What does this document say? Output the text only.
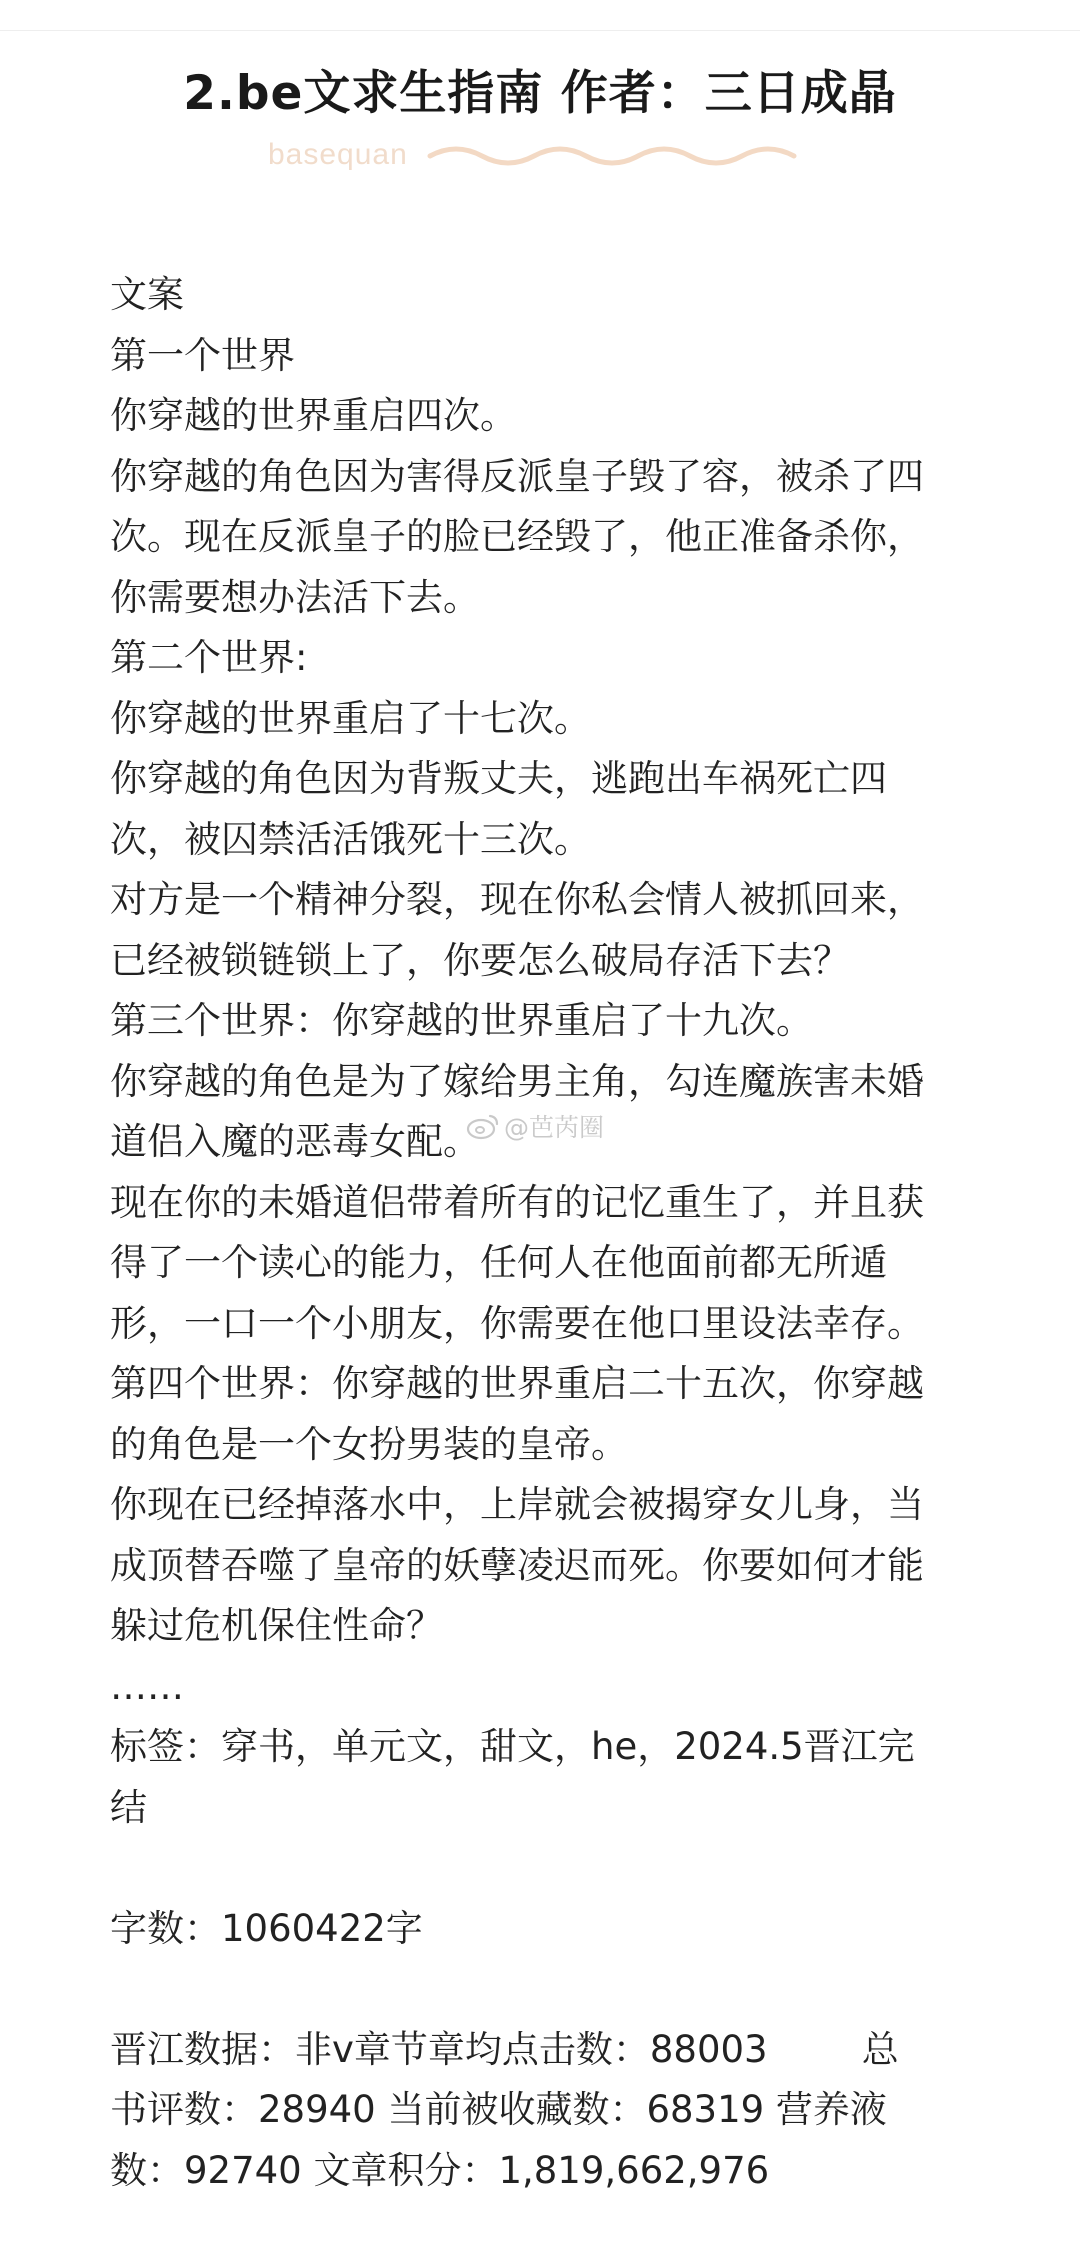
2.be文求生指南 作者：三日成晶
basequan
文案
第一个世界
你穿越的世界重启四次。
你穿越的角色因为害得反派皇子毁了容，被杀了四
次。现在反派皇子的脸已经毁了，他正准备杀你，
你需要想办法活下去。
第二个世界:
你穿越的世界重启了十七次。
你穿越的角色因为背叛丈夫，逃跑出车祸死亡四
次，被囚禁活活饿死十三次。
对方是一个精神分裂，现在你私会情人被抓回来，
已经被锁链锁上了，你要怎么破局存活下去？
第三个世界：你穿越的世界重启了十九次。
你穿越的角色是为了嫁给男主角，勾连魔族害未婚
道侣入魔的恶毒女配。
现在你的未婚道侣带着所有的记忆重生了，并且获
得了一个读心的能力，任何人在他面前都无所遁
形，一口一个小朋友，你需要在他口里设法幸存。
第四个世界：你穿越的世界重启二十五次，你穿越
的角色是一个女扮男装的皇帝。
你现在已经掉落水中，上岸就会被揭穿女儿身，当
成顶替吞噬了皇帝的妖孽凌迟而死。你要如何才能
躲过危机保住性命？
……
标签：穿书，单元文，甜文，he，2024.5晋江完
结
字数：1060422字
晋江数据：非v章节章均点击数：88003        总
书评数：28940 当前被收藏数：68319 营养液
数：92740 文章积分：1,819,662,976
@芭芮圈
